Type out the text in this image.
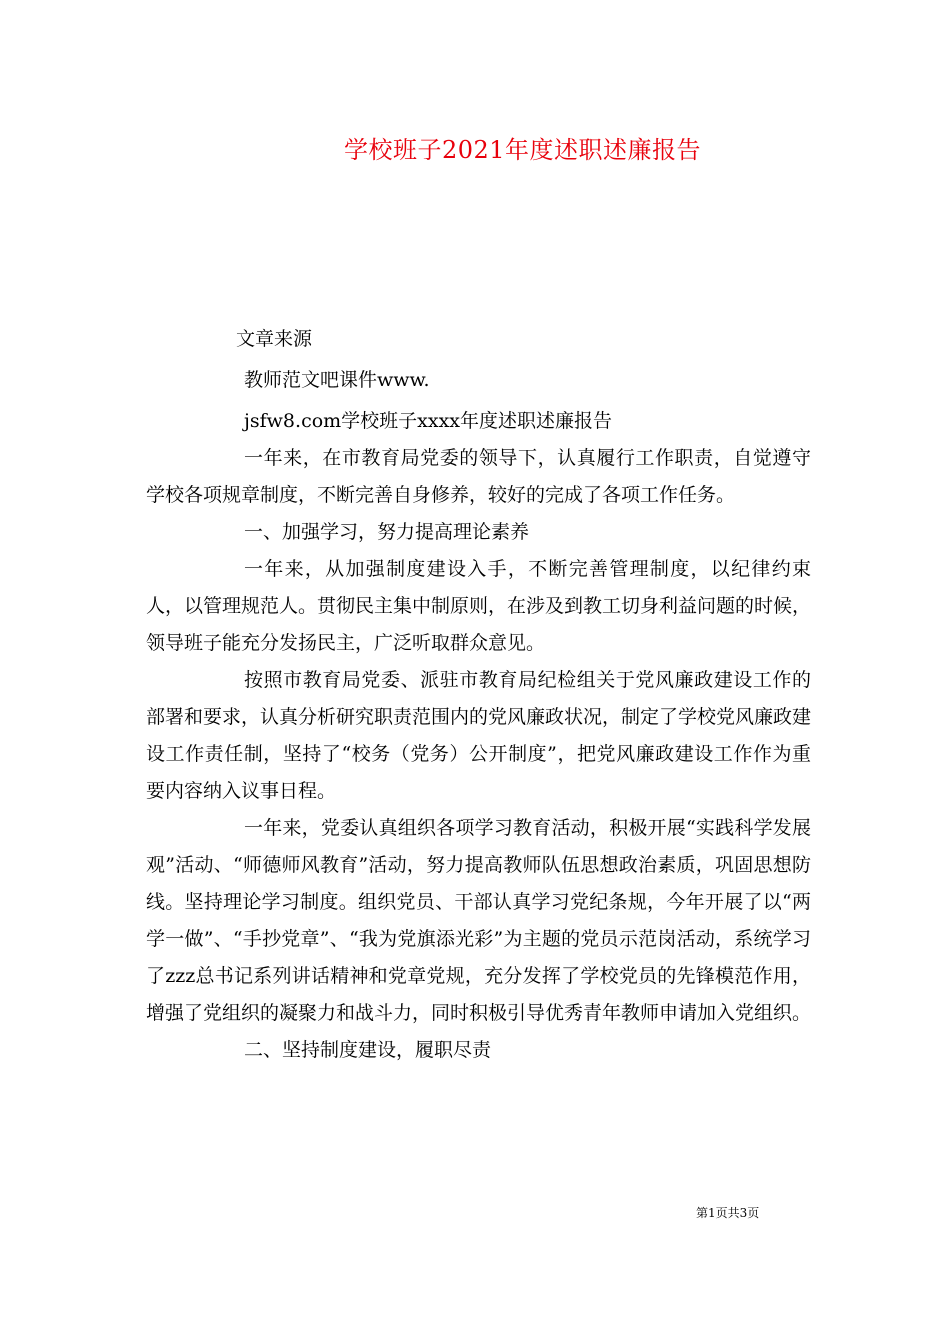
学校班子2021年度述职述廉报告

文章来源

教师范文吧课件www.

jsfw8.com学校班子xxxx年度述职述廉报告

一年来，在市教育局党委的领导下，认真履行工作职责，自觉遵守学校各项规章制度，不断完善自身修养，较好的完成了各项工作任务。

一、加强学习，努力提高理论素养

一年来，从加强制度建设入手，不断完善管理制度，以纪律约束人，以管理规范人。贯彻民主集中制原则，在涉及到教工切身利益问题的时候，领导班子能充分发扬民主，广泛听取群众意见。

按照市教育局党委、派驻市教育局纪检组关于党风廉政建设工作的部署和要求，认真分析研究职责范围内的党风廉政状况，制定了学校党风廉政建设工作责任制，坚持了“校务（党务）公开制度”，把党风廉政建设工作作为重要内容纳入议事日程。

一年来，党委认真组织各项学习教育活动，积极开展“实践科学发展观”活动、“师德师风教育”活动，努力提高教师队伍思想政治素质，巩固思想防线。坚持理论学习制度。组织党员、干部认真学习党纪条规，今年开展了以“两学一做”、“手抄党章”、“我为党旗添光彩”为主题的党员示范岗活动，系统学习了zzz总书记系列讲话精神和党章党规，充分发挥了学校党员的先锋模范作用，增强了党组织的凝聚力和战斗力，同时积极引导优秀青年教师申请加入党组织。

二、坚持制度建设，履职尽责

第1页共3页
